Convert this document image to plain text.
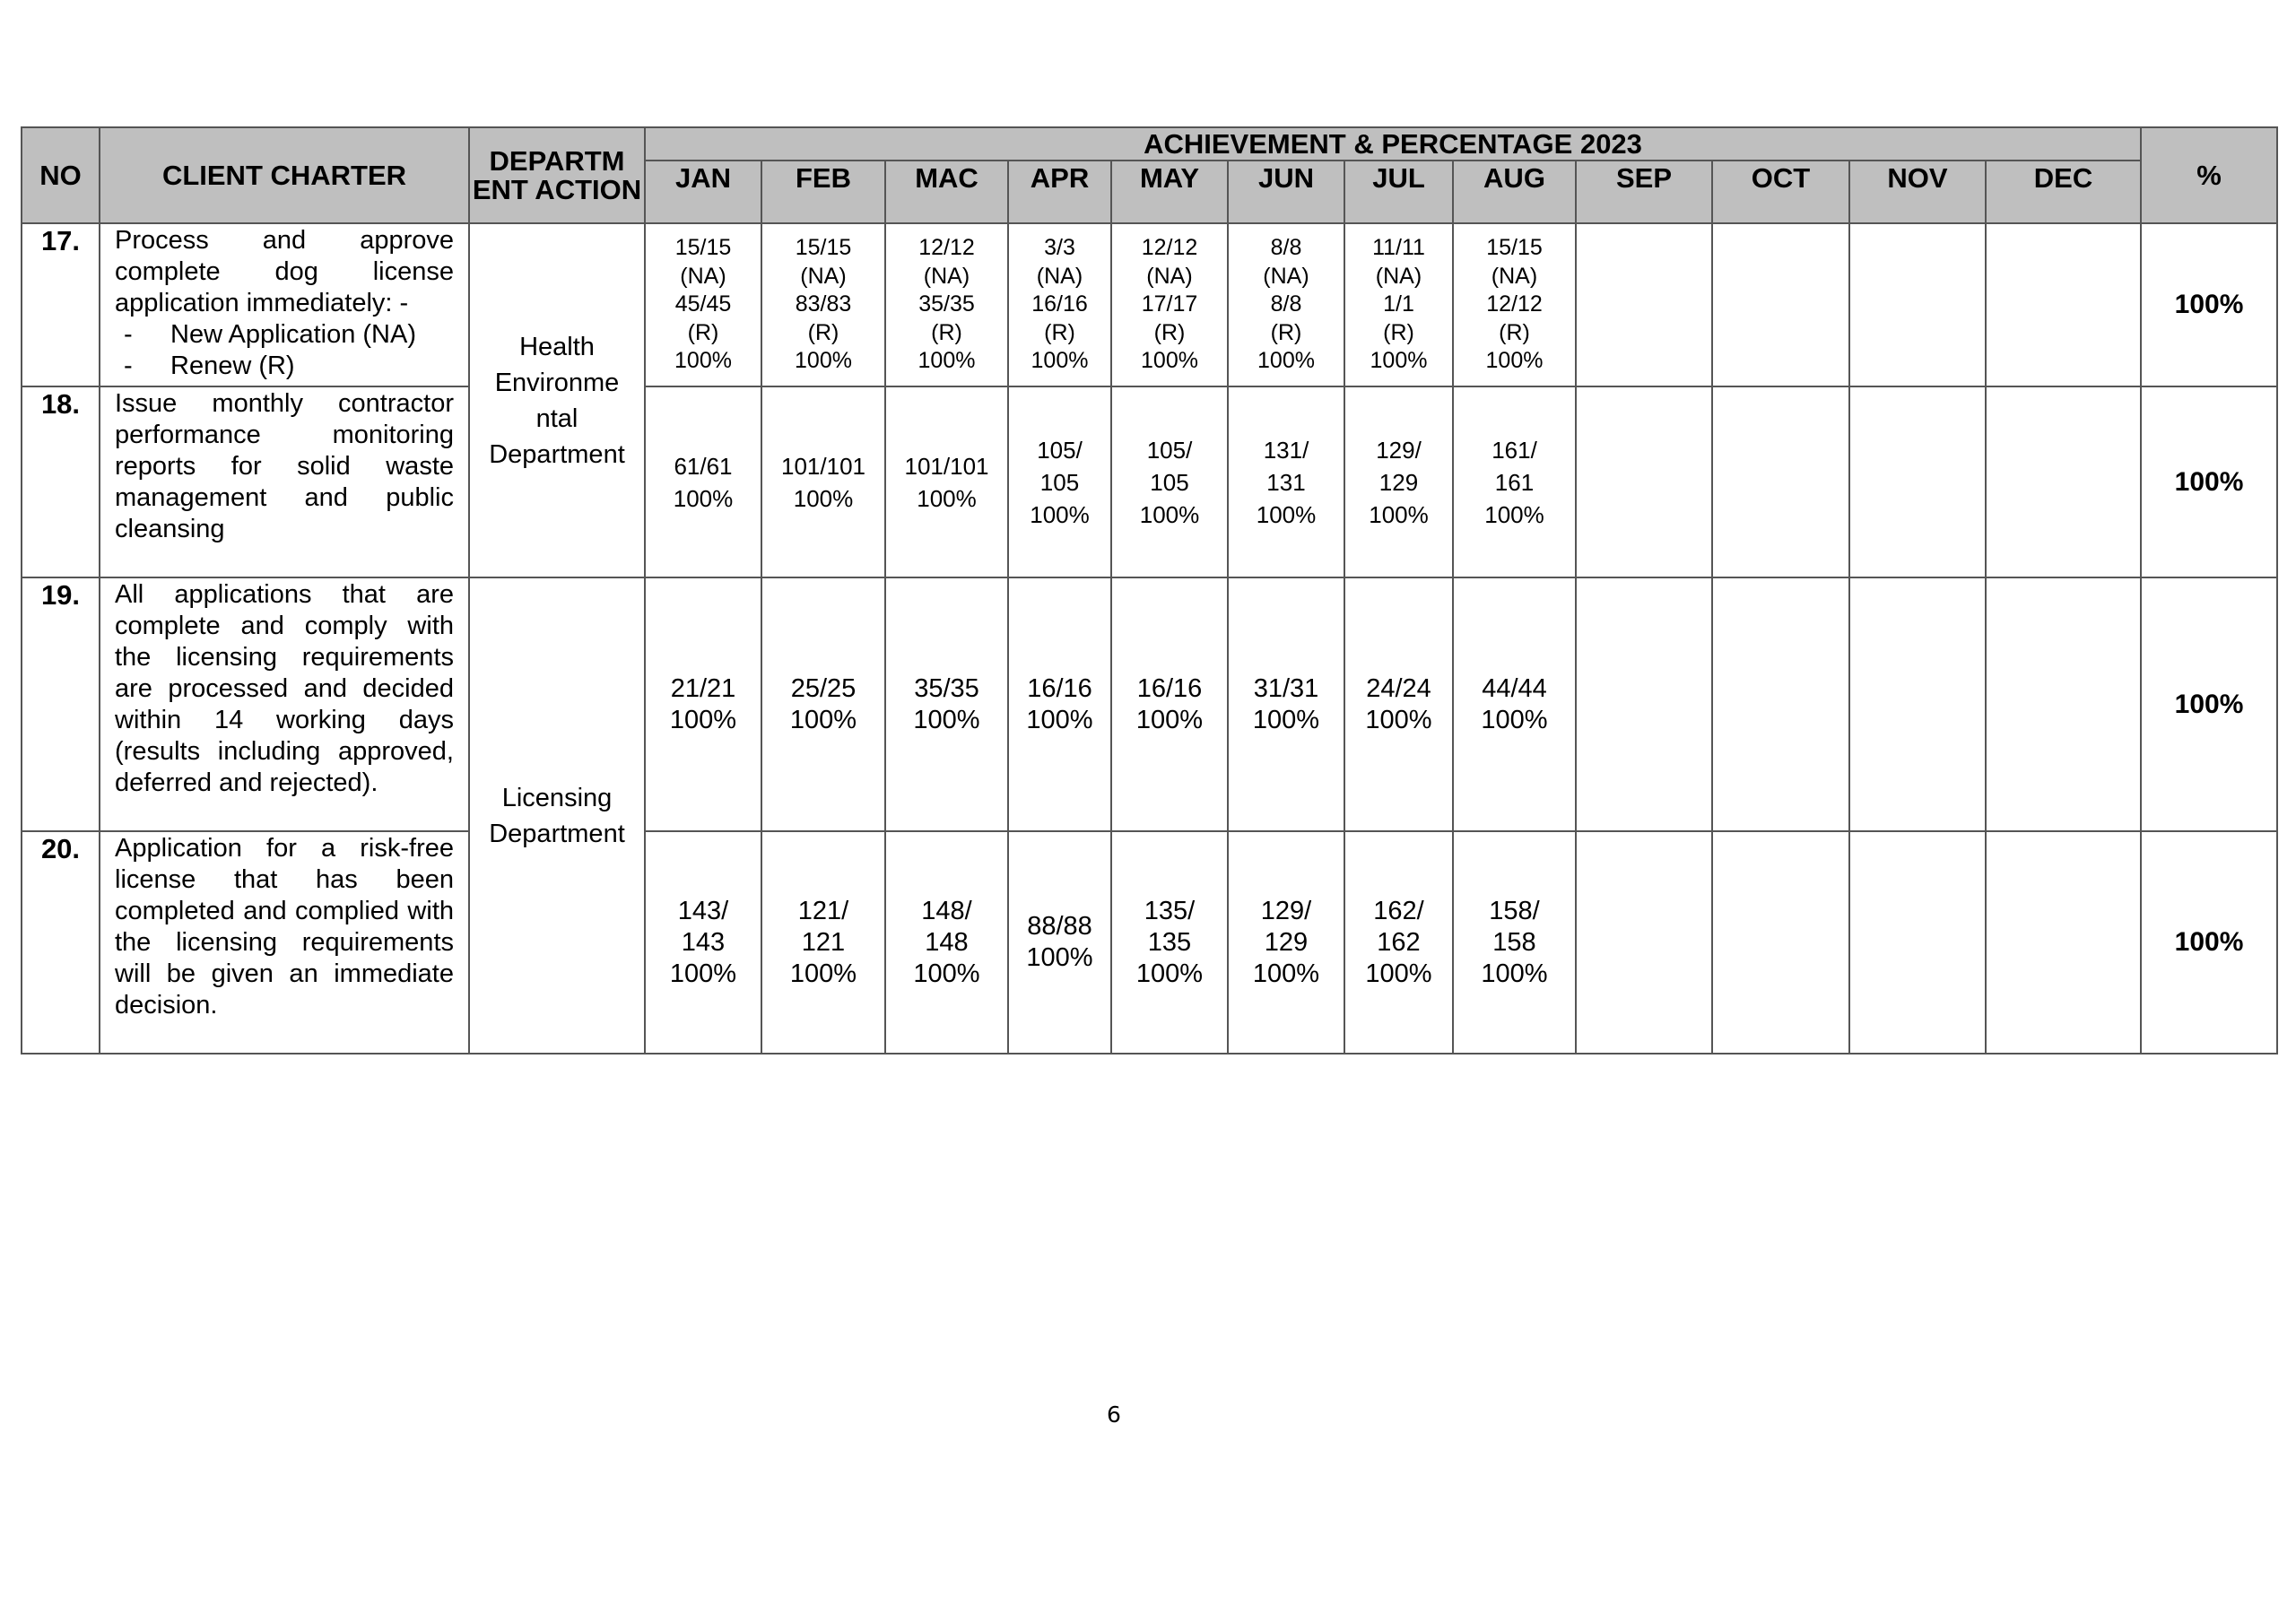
NO	CLIENT CHARTER	DEPARTM ENT ACTION	ACHIEVEMENT & PERCENTAGE 2023												%
			JAN	FEB	MAC	APR	MAY	JUN	JUL	AUG	SEP	OCT	NOV	DEC	
17.	Process and approve complete dog license application immediately: -
- New Application (NA)
- Renew (R)	Health Environme ntal Department	15/15
(NA)
45/45
(R)
100%	15/15
(NA)
83/83
(R)
100%	12/12
(NA)
35/35
(R)
100%	3/3
(NA)
16/16
(R)
100%	12/12
(NA)
17/17
(R)
100%	8/8
(NA)
8/8
(R)
100%	11/11
(NA)
1/1
(R)
100%	15/15
(NA)
12/12
(R)
100%					100%
18.	Issue monthly contractor performance monitoring reports for solid waste management and public cleansing		61/61
100%	101/101
100%	101/101
100%	105/
105
100%	105/
105
100%	131/
131
100%	129/
129
100%	161/
161
100%					100%
19.	All applications that are complete and comply with the licensing requirements are processed and decided within 14 working days (results including approved, deferred and rejected).	Licensing Department	21/21
100%	25/25
100%	35/35
100%	16/16
100%	16/16
100%	31/31
100%	24/24
100%	44/44
100%					100%
20.	Application for a risk-free license that has been completed and complied with the licensing requirements will be given an immediate decision.		143/
143
100%	121/
121
100%	148/
148
100%	88/88
100%	135/
135
100%	129/
129
100%	162/
162
100%	158/
158
100%					100%
6
